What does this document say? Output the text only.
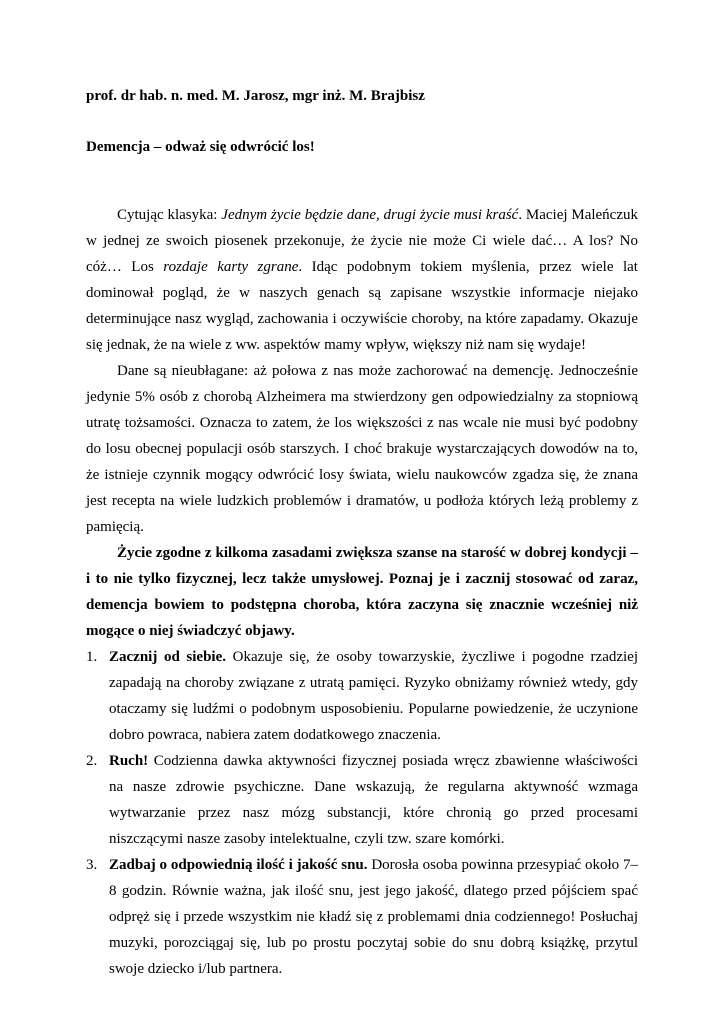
prof. dr hab. n. med. M. Jarosz, mgr inż. M. Brajbisz

Demencja – odważ się odwrócić los!

Cytując klasyka: Jednym życie będzie dane, drugi życie musi kraść. Maciej Maleńczuk w jednej ze swoich piosenek przekonuje, że życie nie może Ci wiele dać… A los? No cóż… Los rozdaje karty zgrane. Idąc podobnym tokiem myślenia, przez wiele lat dominował pogląd, że w naszych genach są zapisane wszystkie informacje niejako determinujące nasz wygląd, zachowania i oczywiście choroby, na które zapadamy. Okazuje się jednak, że na wiele z ww. aspektów mamy wpływ, większy niż nam się wydaje!

Dane są nieubłagane: aż połowa z nas może zachorować na demencję. Jednocześnie jedynie 5% osób z chorobą Alzheimera ma stwierdzony gen odpowiedzialny za stopniową utratę tożsamości. Oznacza to zatem, że los większości z nas wcale nie musi być podobny do losu obecnej populacji osób starszych. I choć brakuje wystarczających dowodów na to, że istnieje czynnik mogący odwrócić losy świata, wielu naukowców zgadza się, że znana jest recepta na wiele ludzkich problemów i dramatów, u podłoża których leżą problemy z pamięcią.

Życie zgodne z kilkoma zasadami zwiększa szanse na starość w dobrej kondycji – i to nie tylko fizycznej, lecz także umysłowej. Poznaj je i zacznij stosować od zaraz, demencja bowiem to podstępna choroba, która zaczyna się znacznie wcześniej niż mogące o niej świadczyć objawy.

1. Zacznij od siebie. Okazuje się, że osoby towarzyskie, życzliwe i pogodne rzadziej zapadają na choroby związane z utratą pamięci. Ryzyko obniżamy również wtedy, gdy otaczamy się ludźmi o podobnym usposobieniu. Popularne powiedzenie, że uczynione dobro powraca, nabiera zatem dodatkowego znaczenia.
2. Ruch! Codzienna dawka aktywności fizycznej posiada wręcz zbawienne właściwości na nasze zdrowie psychiczne. Dane wskazują, że regularna aktywność wzmaga wytwarzanie przez nasz mózg substancji, które chronią go przed procesami niszczącymi nasze zasoby intelektualne, czyli tzw. szare komórki.
3. Zadbaj o odpowiednią ilość i jakość snu. Dorosła osoba powinna przesypiać około 7–8 godzin. Równie ważna, jak ilość snu, jest jego jakość, dlatego przed pójściem spać odpręż się i przede wszystkim nie kładź się z problemami dnia codziennego! Posłuchaj muzyki, porozciągaj się, lub po prostu poczytaj sobie do snu dobrą książkę, przytul swoje dziecko i/lub partnera.
